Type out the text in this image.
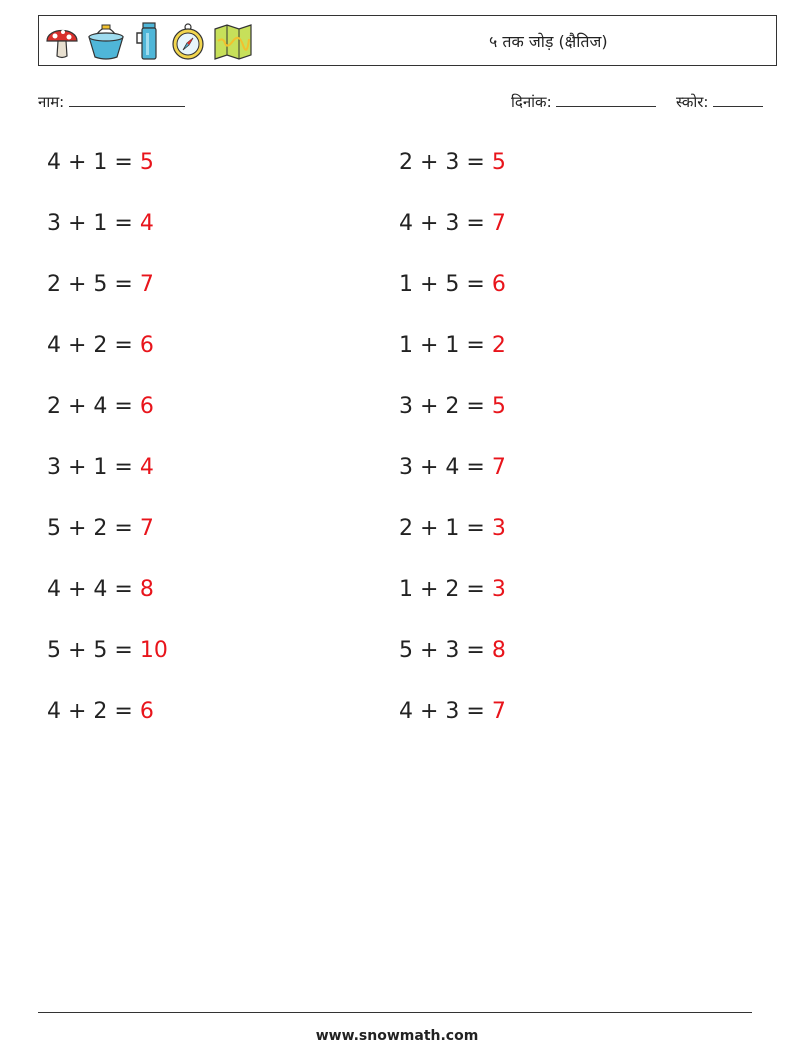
५ तक जोड़ (क्षैतिज)
नाम:	दिनांक:	स्कोर:
4 + 1 = 5
3 + 1 = 4
2 + 5 = 7
4 + 2 = 6
2 + 4 = 6
3 + 1 = 4
5 + 2 = 7
4 + 4 = 8
5 + 5 = 10
4 + 2 = 6
2 + 3 = 5
4 + 3 = 7
1 + 5 = 6
1 + 1 = 2
3 + 2 = 5
3 + 4 = 7
2 + 1 = 3
1 + 2 = 3
5 + 3 = 8
4 + 3 = 7
www.snowmath.com
